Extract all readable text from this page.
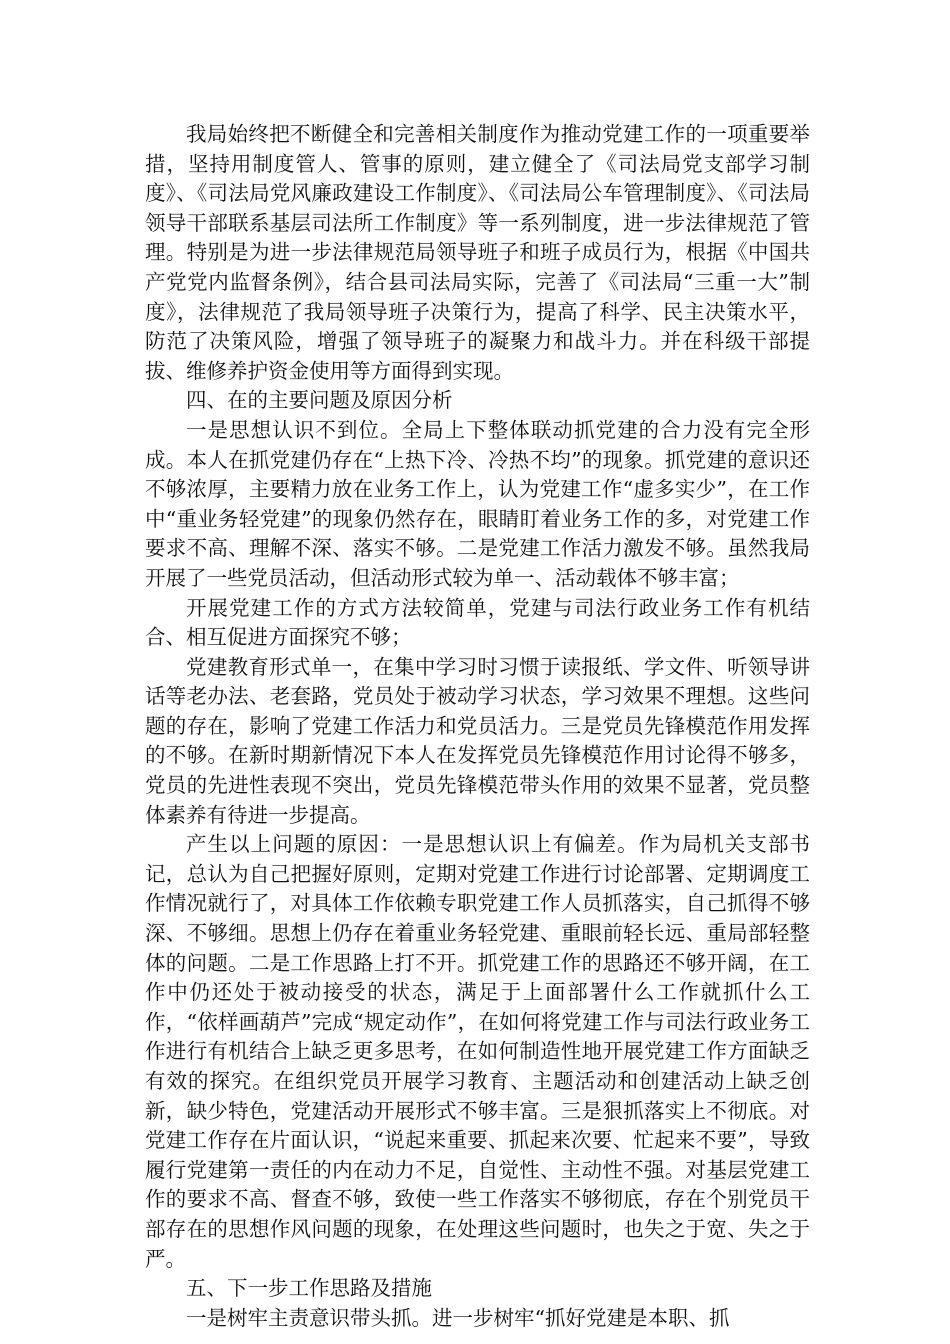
我局始终把不断健全和完善相关制度作为推动党建工作的一项重要举措，坚持用制度管人、管事的原则，建立健全了《司法局党支部学习制度》、《司法局党风廉政建设工作制度》、《司法局公车管理制度》、《司法局领导干部联系基层司法所工作制度》等一系列制度，进一步法律规范了管理。特别是为进一步法律规范局领导班子和班子成员行为，根据《中国共产党党内监督条例》，结合县司法局实际，完善了《司法局“三重一大”制度》，法律规范了我局领导班子决策行为，提高了科学、民主决策水平，防范了决策风险，增强了领导班子的凝聚力和战斗力。并在科级干部提拔、维修养护资金使用等方面得到实现。

四、在的主要问题及原因分析

一是思想认识不到位。全局上下整体联动抓党建的合力没有完全形成。本人在抓党建仍存在“上热下冷、冷热不均”的现象。抓党建的意识还不够浓厚，主要精力放在业务工作上，认为党建工作“虚多实少”，在工作中“重业务轻党建”的现象仍然存在，眼睛盯着业务工作的多，对党建工作要求不高、理解不深、落实不够。二是党建工作活力激发不够。虽然我局开展了一些党员活动，但活动形式较为单一、活动载体不够丰富；

开展党建工作的方式方法较简单，党建与司法行政业务工作有机结合、相互促进方面探究不够；

党建教育形式单一，在集中学习时习惯于读报纸、学文件、听领导讲话等老办法、老套路，党员处于被动学习状态，学习效果不理想。这些问题的存在，影响了党建工作活力和党员活力。三是党员先锋模范作用发挥的不够。在新时期新情况下本人在发挥党员先锋模范作用讨论得不够多，党员的先进性表现不突出，党员先锋模范带头作用的效果不显著，党员整体素养有待进一步提高。

产生以上问题的原因：一是思想认识上有偏差。作为局机关支部书记，总认为自己把握好原则，定期对党建工作进行讨论部署、定期调度工作情况就行了，对具体工作依赖专职党建工作人员抓落实，自己抓得不够深、不够细。思想上仍存在着重业务轻党建、重眼前轻长远、重局部轻整体的问题。二是工作思路上打不开。抓党建工作的思路还不够开阔，在工作中仍还处于被动接受的状态，满足于上面部署什么工作就抓什么工作，“依样画葫芦”完成“规定动作”，在如何将党建工作与司法行政业务工作进行有机结合上缺乏更多思考，在如何制造性地开展党建工作方面缺乏有效的探究。在组织党员开展学习教育、主题活动和创建活动上缺乏创新，缺少特色，党建活动开展形式不够丰富。三是狠抓落实上不彻底。对党建工作存在片面认识，“说起来重要、抓起来次要、忙起来不要”，导致履行党建第一责任的内在动力不足，自觉性、主动性不强。对基层党建工作的要求不高、督查不够，致使一些工作落实不够彻底，存在个别党员干部存在的思想作风问题的现象，在处理这些问题时，也失之于宽、失之于严。

五、下一步工作思路及措施

一是树牢主责意识带头抓。进一步树牢“抓好党建是本职、抓
